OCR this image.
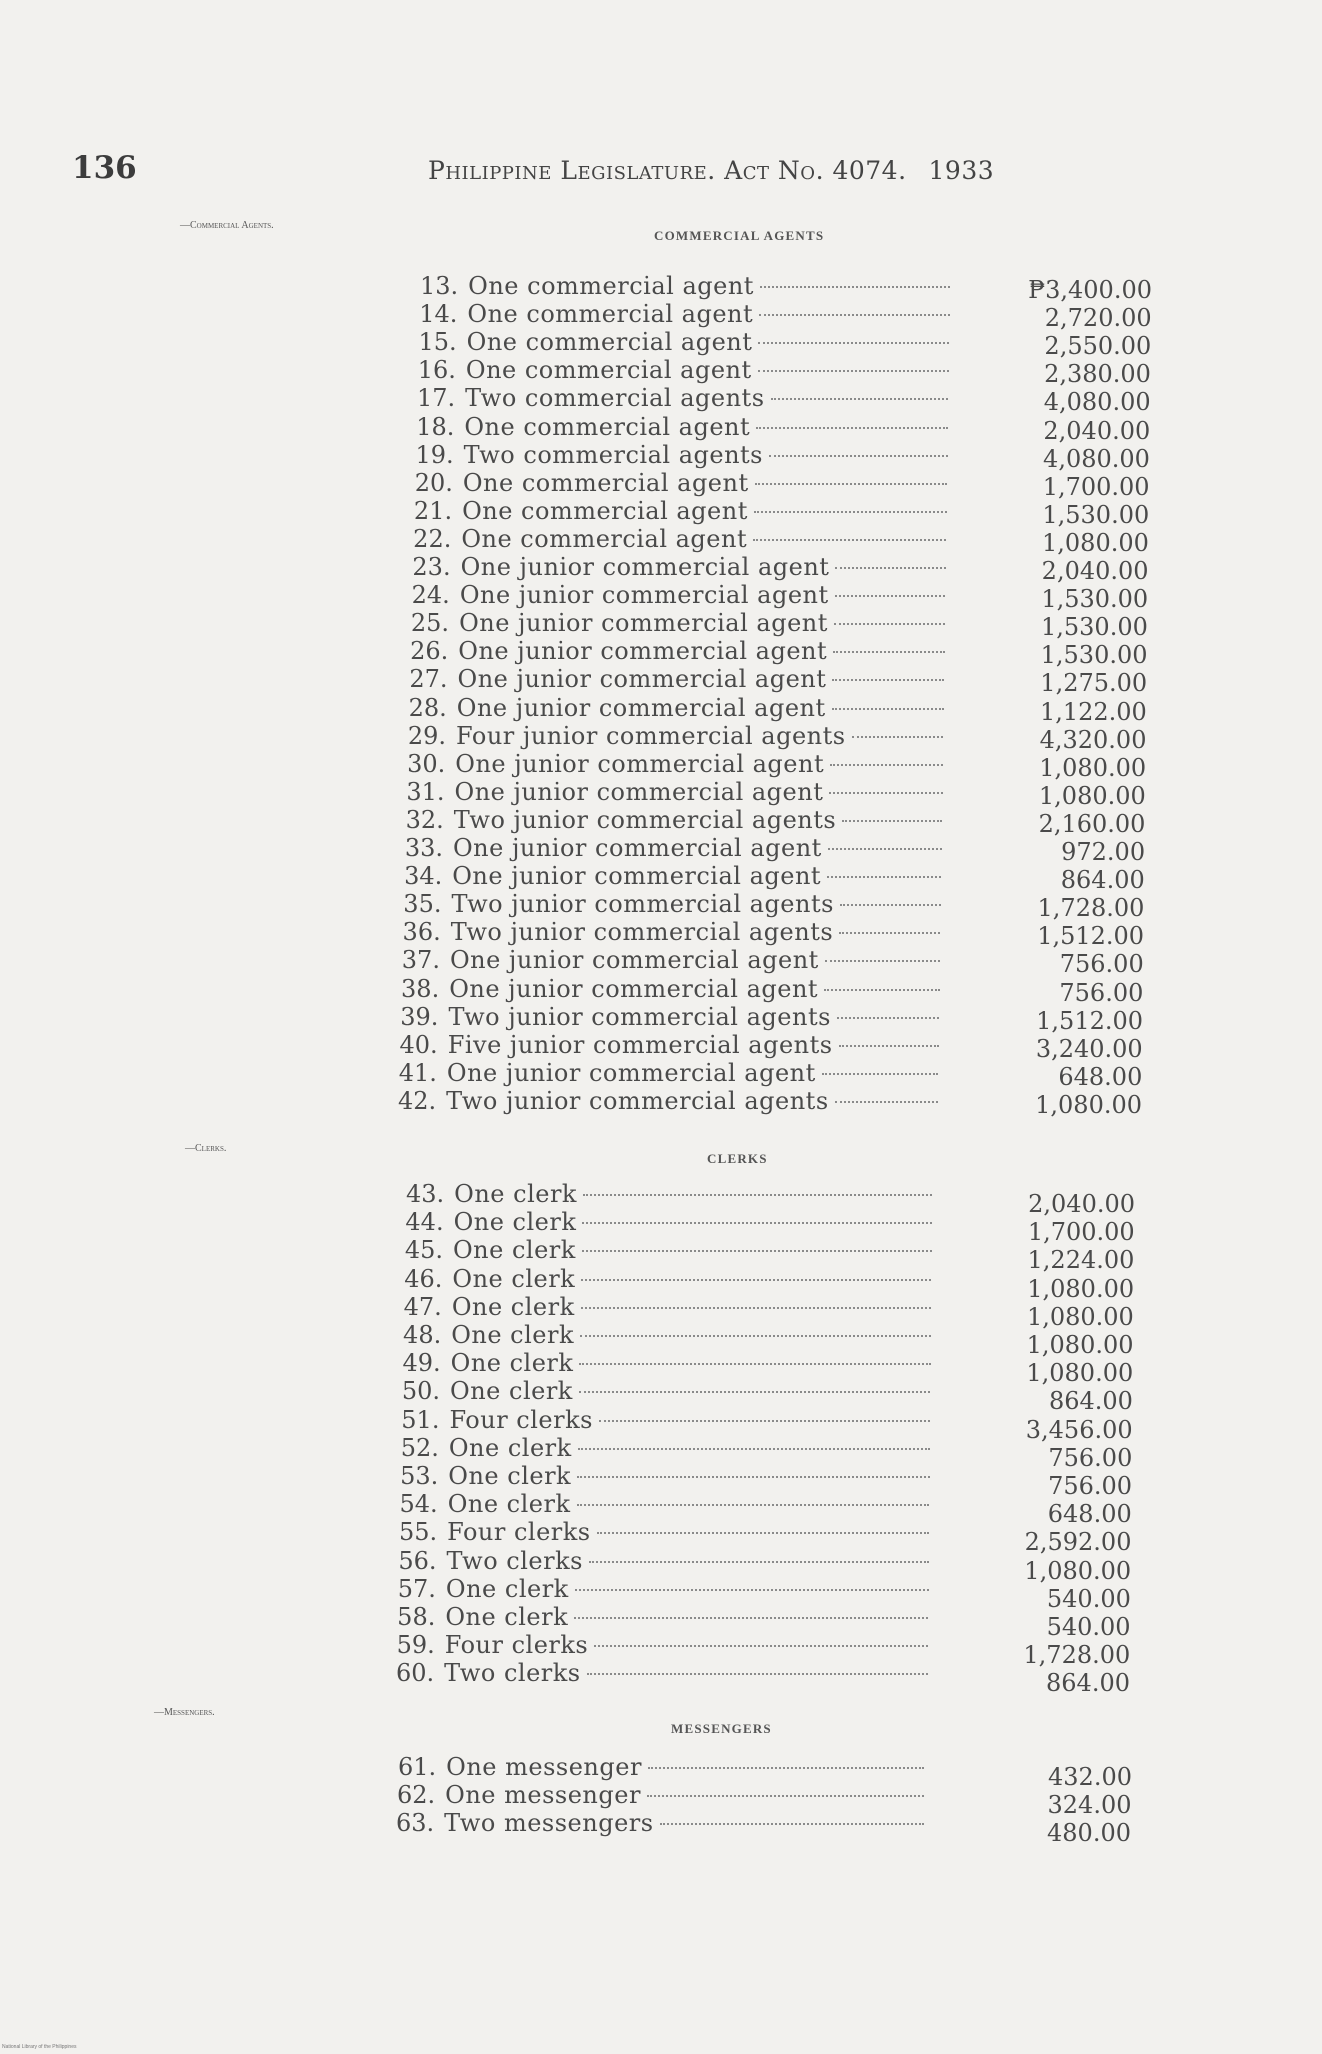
136	Philippine Legislature. Act No. 4074. 1933
—Commercial Agents.
COMMERCIAL AGENTS
13. One commercial agent	₱3,400.00
14. One commercial agent	2,720.00
15. One commercial agent	2,550.00
16. One commercial agent	2,380.00
17. Two commercial agents	4,080.00
18. One commercial agent	2,040.00
19. Two commercial agents	4,080.00
20. One commercial agent	1,700.00
21. One commercial agent	1,530.00
22. One commercial agent	1,080.00
23. One junior commercial agent	2,040.00
24. One junior commercial agent	1,530.00
25. One junior commercial agent	1,530.00
26. One junior commercial agent	1,530.00
27. One junior commercial agent	1,275.00
28. One junior commercial agent	1,122.00
29. Four junior commercial agents	4,320.00
30. One junior commercial agent	1,080.00
31. One junior commercial agent	1,080.00
32. Two junior commercial agents	2,160.00
33. One junior commercial agent	972.00
34. One junior commercial agent	864.00
35. Two junior commercial agents	1,728.00
36. Two junior commercial agents	1,512.00
37. One junior commercial agent	756.00
38. One junior commercial agent	756.00
39. Two junior commercial agents	1,512.00
40. Five junior commercial agents	3,240.00
41. One junior commercial agent	648.00
42. Two junior commercial agents	1,080.00
—Clerks.
CLERKS
43. One clerk	2,040.00
44. One clerk	1,700.00
45. One clerk	1,224.00
46. One clerk	1,080.00
47. One clerk	1,080.00
48. One clerk	1,080.00
49. One clerk	1,080.00
50. One clerk	864.00
51. Four clerks	3,456.00
52. One clerk	756.00
53. One clerk	756.00
54. One clerk	648.00
55. Four clerks	2,592.00
56. Two clerks	1,080.00
57. One clerk	540.00
58. One clerk	540.00
59. Four clerks	1,728.00
60. Two clerks	864.00
—Messengers.
MESSENGERS
61. One messenger	432.00
62. One messenger	324.00
63. Two messengers	480.00
National Library of the Philippines
